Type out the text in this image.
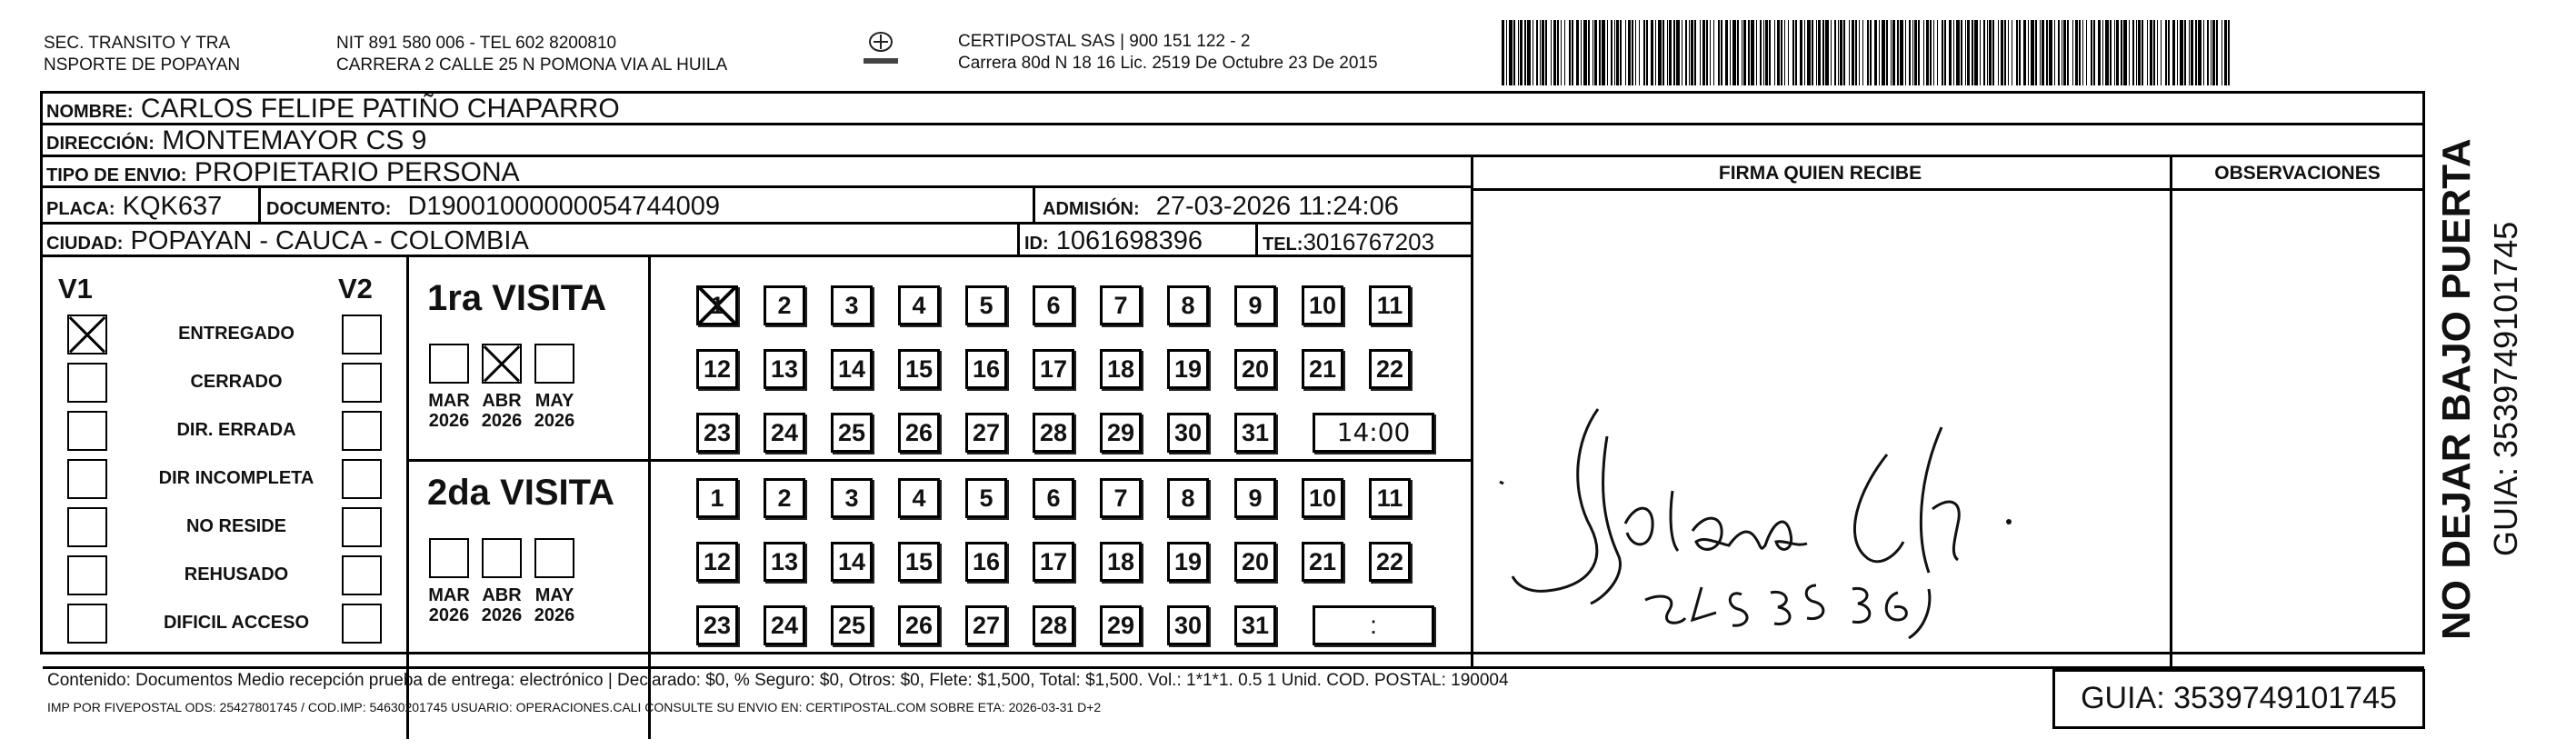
SEC. TRANSITO Y TRA
NSPORTE DE POPAYAN
NIT 891 580 006 - TEL 602 8200810
CARRERA 2 CALLE 25 N POMONA VIA AL HUILA
CERTIPOSTAL SAS | 900 151 122 - 2
Carrera 80d N 18 16 Lic. 2519 De Octubre 23 De 2015
NOMBRE: CARLOS FELIPE PATIÑO CHAPARRO
DIRECCIÓN: MONTEMAYOR CS 9
TIPO DE ENVIO: PROPIETARIO PERSONA
PLACA: KQK637 DOCUMENTO: D19001000000054744009	ADMISIÓN: 27-03-2026 11:24:06
CIUDAD: POPAYAN - CAUCA - COLOMBIA	ID: 1061698396	TEL:3016767203
FIRMA QUIEN RECIBE	OBSERVACIONES
V1	V2
ENTREGADO
CERRADO
DIR. ERRADA
DIR INCOMPLETA
NO RESIDE
REHUSADO
DIFICIL ACCESO
1ra VISITA
2da VISITA
MAR
2026
ABR
2026
MAY
2026
MAR
2026
ABR
2026
MAY
2026
1	2	3	4	5	6	7	8	9	10	11
12 13 14 15 16 17 18 19 20 21 22
23 24 25 26 27 28 29 30 31
1	2	3	4	5	6	7	8	9	10	11
12 13 14 15 16 17 18 19 20 21 22
23 24 25 26 27 28 29 30 31
14:00
:
Yolanda Ch.
34535 36
Contenido: Documentos Medio recepción prueba de entrega: electrónico | Declarado: $0, % Seguro: $0, Otros: $0, Flete: $1,500, Total: $1,500. Vol.: 1*1*1. 0.5 1 Unid. COD. POSTAL: 190004
IMP POR FIVEPOSTAL ODS: 25427801745 / COD.IMP: 54630201745 USUARIO: OPERACIONES.CALI CONSULTE SU ENVIO EN: CERTIPOSTAL.COM SOBRE ETA: 2026-03-31 D+2	GUIA: 3539749101745
NO DEJAR BAJO PUERTA GUIA: 3539749101745
